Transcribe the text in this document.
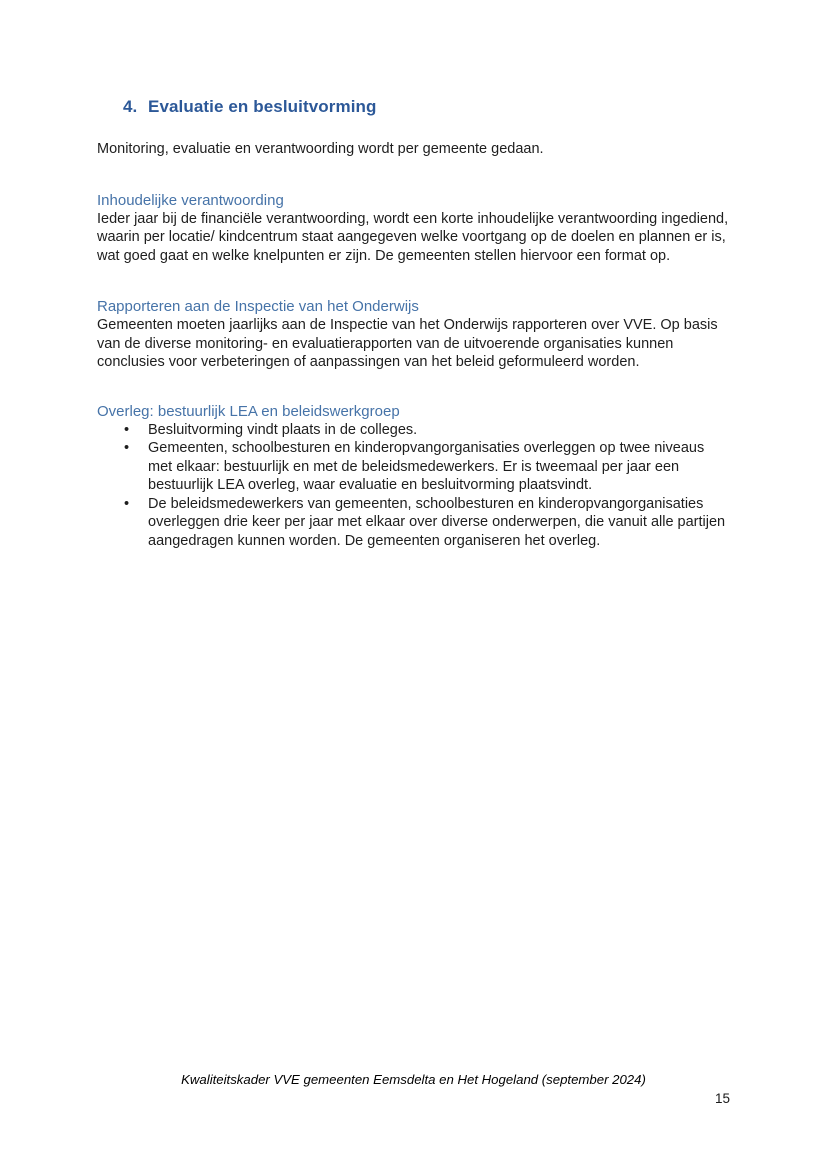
4. Evaluatie en besluitvorming

Monitoring, evaluatie en verantwoording wordt per gemeente gedaan.

Inhoudelijke verantwoording

Ieder jaar bij de financiële verantwoording, wordt een korte inhoudelijke verantwoording ingediend, waarin per locatie/ kindcentrum staat aangegeven welke voortgang op de doelen en plannen er is, wat goed gaat en welke knelpunten er zijn. De gemeenten stellen hiervoor een format op.

Rapporteren aan de Inspectie van het Onderwijs

Gemeenten moeten jaarlijks aan de Inspectie van het Onderwijs rapporteren over VVE. Op basis van de diverse monitoring- en evaluatierapporten van de uitvoerende organisaties kunnen conclusies voor verbeteringen of aanpassingen van het beleid geformuleerd worden.

Overleg: bestuurlijk LEA en beleidswerkgroep
• Besluitvorming vindt plaats in de colleges.
• Gemeenten, schoolbesturen en kinderopvangorganisaties overleggen op twee niveaus met elkaar: bestuurlijk en met de beleidsmedewerkers. Er is tweemaal per jaar een bestuurlijk LEA overleg, waar evaluatie en besluitvorming plaatsvindt.
• De beleidsmedewerkers van gemeenten, schoolbesturen en kinderopvangorganisaties overleggen drie keer per jaar met elkaar over diverse onderwerpen, die vanuit alle partijen aangedragen kunnen worden. De gemeenten organiseren het overleg.
Kwaliteitskader VVE gemeenten Eemsdelta en Het Hogeland (september 2024)
15
